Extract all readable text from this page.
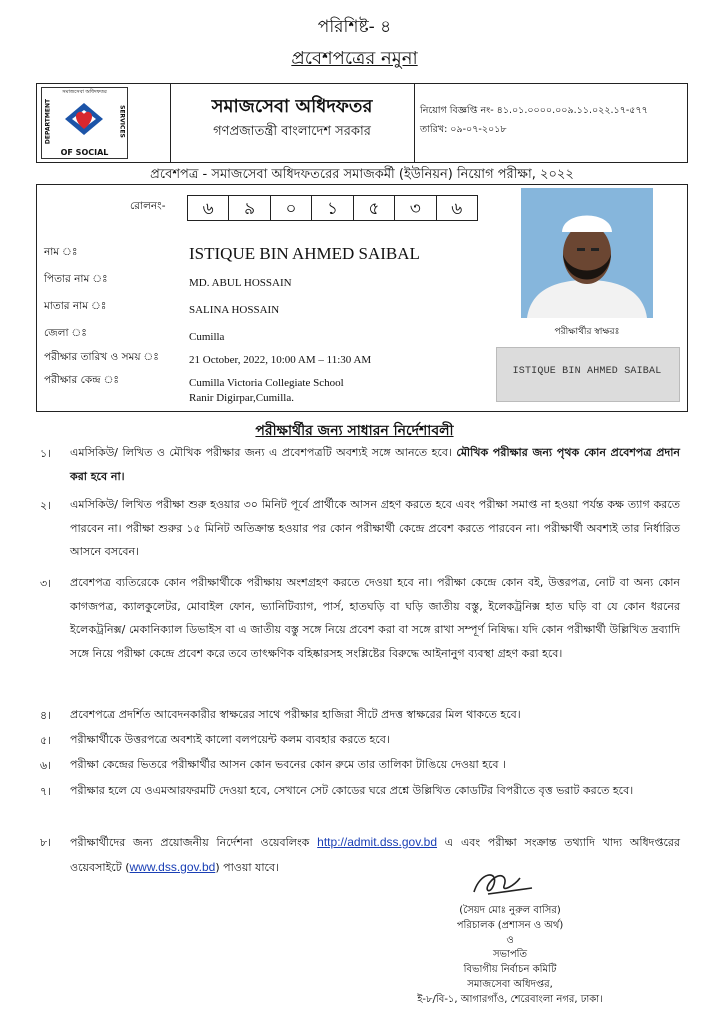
পরিশিষ্ট- ৪
প্রবেশপত্রের নমুনা
সমাজসেবা অধিদফতর
DEPARTMENT	SERVICES
OF SOCIAL
সমাজসেবা অধিদফতর
গণপ্রজাতন্ত্রী বাংলাদেশ সরকার
নিয়োগ বিজ্ঞপ্তি নং- ৪১.০১.০০০০.০০৯.১১.০২২.১৭-৫৭৭
তারিখ: ০৯-০৭-২০১৮
প্রবেশপত্র - সমাজসেবা অধিদফতরের সমাজকর্মী (ইউনিয়ন) নিয়োগ পরীক্ষা, ২০২২
রোলনং-	৬	৯	০	১	৫	৩	৬
নাম ঃ	ISTIQUE BIN AHMED SAIBAL
পিতার নাম ঃ	MD. ABUL HOSSAIN
মাতার নাম ঃ	SALINA HOSSAIN
জেলা ঃ	Cumilla
পরীক্ষার তারিখ ও সময় ঃ	21 October, 2022, 10:00 AM – 11:30 AM
পরীক্ষার কেন্দ্র ঃ	Cumilla Victoria Collegiate School
Ranir Digirpar,Cumilla.
পরীক্ষার্থীর স্বাক্ষরঃ
ISTIQUE BIN AHMED SAIBAL
পরীক্ষার্থীর জন্য সাধারন নির্দেশাবলী
১। এমসিকিউ/ লিখিত ও মৌখিক পরীক্ষার জন্য এ প্রবেশপত্রটি অবশ্যই সঙ্গে আনতে হবে। মৌখিক পরীক্ষার জন্য পৃথক কোন প্রবেশপত্র প্রদান করা হবে না।
২। এমসিকিউ/ লিখিত পরীক্ষা শুরু হওয়ার ৩০ মিনিট পূর্বে প্রার্থীকে আসন গ্রহণ করতে হবে এবং পরীক্ষা সমাপ্ত না হওয়া পর্যন্ত কক্ষ ত্যাগ করতে পারবেন না। পরীক্ষা শুরুর ১৫ মিনিট অতিক্রান্ত হওয়ার পর কোন পরীক্ষার্থী কেন্দ্রে প্রবেশ করতে পারবেন না। পরীক্ষার্থী অবশ্যই তার নির্ধারিত আসনে বসবেন।
৩। প্রবেশপত্র ব্যতিরেকে কোন পরীক্ষার্থীকে পরীক্ষায় অংশগ্রহণ করতে দেওয়া হবে না। পরীক্ষা কেন্দ্রে কোন বই, উত্তরপত্র, নোট বা অন্য কোন কাগজপত্র, ক্যালকুলেটর, মোবাইল ফোন, ভ্যানিটিব্যাগ, পার্স, হাতঘড়ি বা ঘড়ি জাতীয় বস্তু, ইলেকট্রনিক্স হাত ঘড়ি বা যে কোন ধরনের ইলেকট্রনিক্স/ মেকানিক্যাল ডিভাইস বা এ জাতীয় বস্তু সঙ্গে নিয়ে প্রবেশ করা বা সঙ্গে রাখা সম্পূর্ণ নিষিদ্ধ। যদি কোন পরীক্ষার্থী উল্লিখিত দ্রব্যাদি সঙ্গে নিয়ে পরীক্ষা কেন্দ্রে প্রবেশ করে তবে তাৎক্ষণিক বহিষ্কারসহ সংশ্লিষ্টের বিরুদ্ধে আইনানুগ ব্যবস্থা গ্রহণ করা হবে।
৪। প্রবেশপত্রে প্রদর্শিত আবেদনকারীর স্বাক্ষরের সাথে পরীক্ষার হাজিরা সীটে প্রদত্ত স্বাক্ষরের মিল থাকতে হবে।
৫। পরীক্ষার্থীকে উত্তরপত্রে অবশ্যই কালো বলপয়েন্ট কলম ব্যবহার করতে হবে।
৬। পরীক্ষা কেন্দ্রের ভিতরে পরীক্ষার্থীর আসন কোন ভবনের কোন রুমে তার তালিকা টাঙিয়ে দেওয়া হবে ।
৭। পরীক্ষার হলে যে ওএমআরফরমটি দেওয়া হবে, সেখানে সেট কোডের ঘরে প্রশ্নে উল্লিখিত কোডটির বিপরীতে বৃত্ত ভরাট করতে হবে।
৮। পরীক্ষার্থীদের জন্য প্রয়োজনীয় নির্দেশনা ওয়েবলিংক http://admit.dss.gov.bd এ এবং পরীক্ষা সংক্রান্ত তথ্যাদি খাদ্য অধিদপ্তরের ওয়েবসাইটে (www.dss.gov.bd) পাওয়া যাবে।
(সৈয়দ মোঃ নুরুল বাসির)
পরিচালক (প্রশাসন ও অর্থ)
ও
সভাপতি
বিভাগীয় নির্বাচন কমিটি
সমাজসেবা অধিদপ্তর,
ই-৮/বি-১, আগারগাঁও, শেরেবাংলা নগর, ঢাকা।
